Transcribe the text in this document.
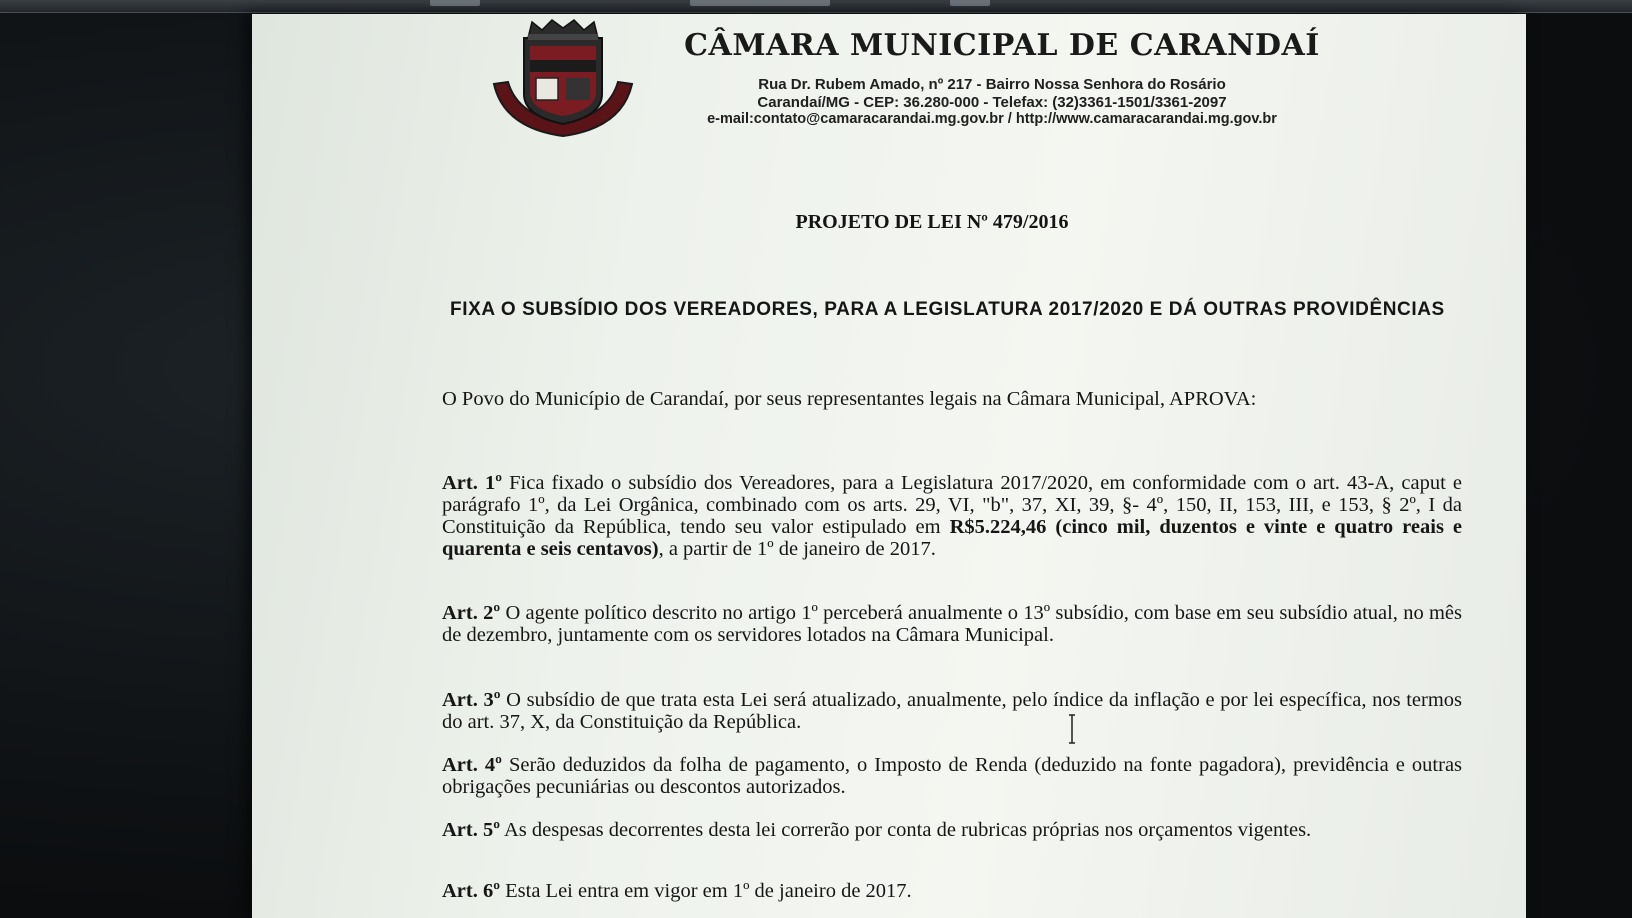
CÂMARA MUNICIPAL DE CARANDAÍ
Rua Dr. Rubem Amado, nº 217 - Bairro Nossa Senhora do Rosário
Carandaí/MG - CEP: 36.280-000 - Telefax: (32)3361-1501/3361-2097
e-mail:contato@camaracarandai.mg.gov.br / http://www.camaracarandai.mg.gov.br
PROJETO DE LEI Nº 479/2016
FIXA O SUBSÍDIO DOS VEREADORES, PARA A LEGISLATURA 2017/2020 E DÁ OUTRAS PROVIDÊNCIAS
O Povo do Município de Carandaí, por seus representantes legais na Câmara Municipal, APROVA:
Art. 1º Fica fixado o subsídio dos Vereadores, para a Legislatura 2017/2020, em conformidade com o art. 43-A, caput e parágrafo 1º, da Lei Orgânica, combinado com os arts. 29, VI, "b", 37, XI, 39, §- 4º, 150, II, 153, III, e 153, § 2º, I da Constituição da República, tendo seu valor estipulado em R$5.224,46 (cinco mil, duzentos e vinte e quatro reais e quarenta e seis centavos), a partir de 1º de janeiro de 2017.
Art. 2º O agente político descrito no artigo 1º perceberá anualmente o 13º subsídio, com base em seu subsídio atual, no mês de dezembro, juntamente com os servidores lotados na Câmara Municipal.
Art. 3º O subsídio de que trata esta Lei será atualizado, anualmente, pelo índice da inflação e por lei específica, nos termos do art. 37, X, da Constituição da República.
Art. 4º Serão deduzidos da folha de pagamento, o Imposto de Renda (deduzido na fonte pagadora), previdência e outras obrigações pecuniárias ou descontos autorizados.
Art. 5º As despesas decorrentes desta lei correrão por conta de rubricas próprias nos orçamentos vigentes.
Art. 6º Esta Lei entra em vigor em 1º de janeiro de 2017.
